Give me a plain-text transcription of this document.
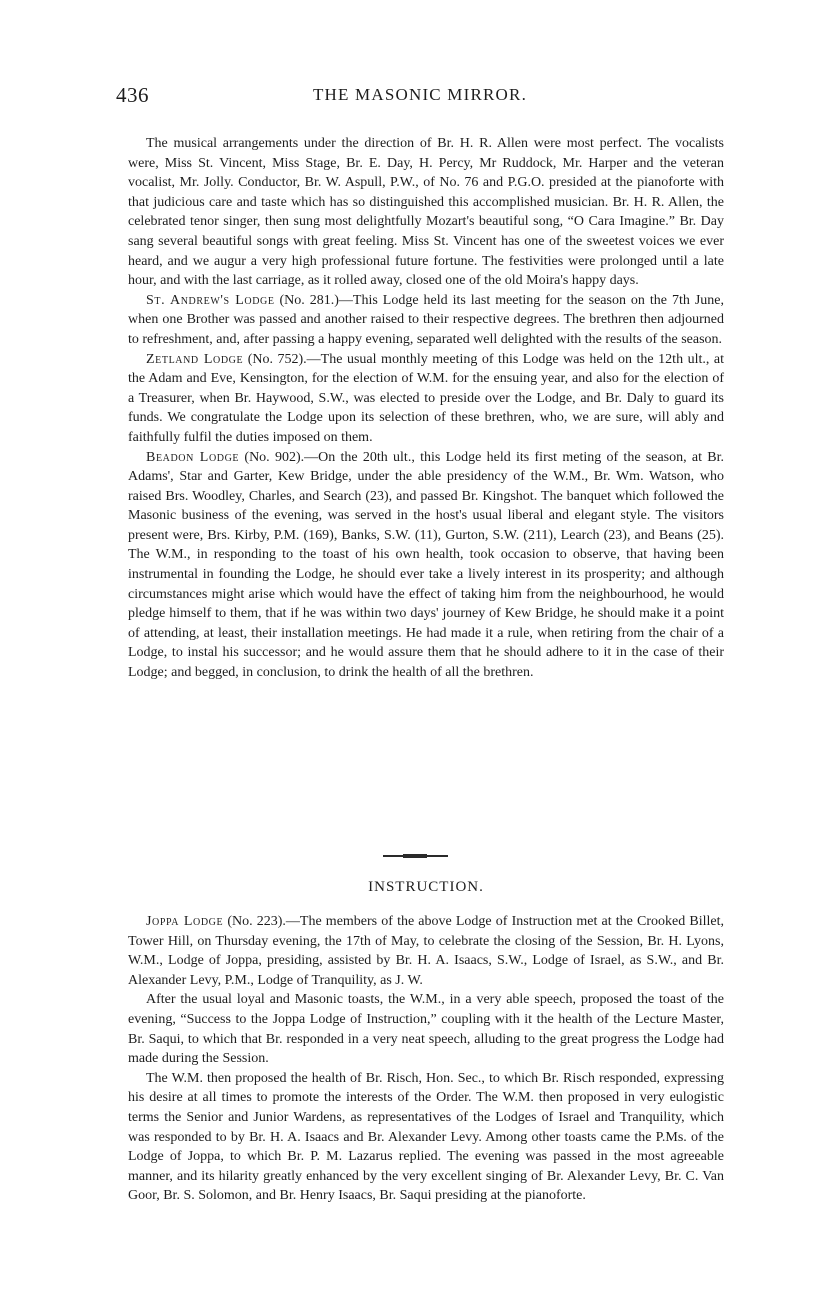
436	THE MASONIC MIRROR.

The musical arrangements under the direction of Br. H. R. Allen were most perfect. The vocalists were, Miss St. Vincent, Miss Stage, Br. E. Day, H. Percy, Mr Ruddock, Mr. Harper and the veteran vocalist, Mr. Jolly. Conductor, Br. W. Aspull, P.W., of No. 76 and P.G.O. presided at the pianoforte with that judicious care and taste which has so distinguished this accomplished musician. Br. H. R. Allen, the celebrated tenor singer, then sung most delightfully Mozart's beautiful song, “O Cara Imagine.” Br. Day sang several beautiful songs with great feeling. Miss St. Vincent has one of the sweetest voices we ever heard, and we augur a very high professional future fortune. The festivities were prolonged until a late hour, and with the last carriage, as it rolled away, closed one of the old Moira's happy days.

St. Andrew's Lodge (No. 281.)—This Lodge held its last meeting for the season on the 7th June, when one Brother was passed and another raised to their respective degrees. The brethren then adjourned to refreshment, and, after passing a happy evening, separated well delighted with the results of the season.

Zetland Lodge (No. 752).—The usual monthly meeting of this Lodge was held on the 12th ult., at the Adam and Eve, Kensington, for the election of W.M. for the ensuing year, and also for the election of a Treasurer, when Br. Haywood, S.W., was elected to preside over the Lodge, and Br. Daly to guard its funds. We congratulate the Lodge upon its selection of these brethren, who, we are sure, will ably and faithfully fulfil the duties imposed on them.

Beadon Lodge (No. 902).—On the 20th ult., this Lodge held its first meting of the season, at Br. Adams', Star and Garter, Kew Bridge, under the able presidency of the W.M., Br. Wm. Watson, who raised Brs. Woodley, Charles, and Search (23), and passed Br. Kingshot. The banquet which followed the Masonic business of the evening, was served in the host's usual liberal and elegant style. The visitors present were, Brs. Kirby, P.M. (169), Banks, S.W. (11), Gurton, S.W. (211), Learch (23), and Beans (25). The W.M., in responding to the toast of his own health, took occasion to observe, that having been instrumental in founding the Lodge, he should ever take a lively interest in its prosperity; and although circumstances might arise which would have the effect of taking him from the neighbourhood, he would pledge himself to them, that if he was within two days' journey of Kew Bridge, he should make it a point of attending, at least, their installation meetings. He had made it a rule, when retiring from the chair of a Lodge, to instal his successor; and he would assure them that he should adhere to it in the case of their Lodge; and begged, in conclusion, to drink the health of all the brethren.

INSTRUCTION.

Joppa Lodge (No. 223).—The members of the above Lodge of Instruction met at the Crooked Billet, Tower Hill, on Thursday evening, the 17th of May, to celebrate the closing of the Session, Br. H. Lyons, W.M., Lodge of Joppa, presiding, assisted by Br. H. A. Isaacs, S.W., Lodge of Israel, as S.W., and Br. Alexander Levy, P.M., Lodge of Tranquility, as J. W.

After the usual loyal and Masonic toasts, the W.M., in a very able speech, proposed the toast of the evening, “Success to the Joppa Lodge of Instruction,” coupling with it the health of the Lecture Master, Br. Saqui, to which that Br. responded in a very neat speech, alluding to the great progress the Lodge had made during the Session.

The W.M. then proposed the health of Br. Risch, Hon. Sec., to which Br. Risch responded, expressing his desire at all times to promote the interests of the Order. The W.M. then proposed in very eulogistic terms the Senior and Junior Wardens, as representatives of the Lodges of Israel and Tranquility, which was responded to by Br. H. A. Isaacs and Br. Alexander Levy. Among other toasts came the P.Ms. of the Lodge of Joppa, to which Br. P. M. Lazarus replied. The evening was passed in the most agreeable manner, and its hilarity greatly enhanced by the very excellent singing of Br. Alexander Levy, Br. C. Van Goor, Br. S. Solomon, and Br. Henry Isaacs, Br. Saqui presiding at the pianoforte.
